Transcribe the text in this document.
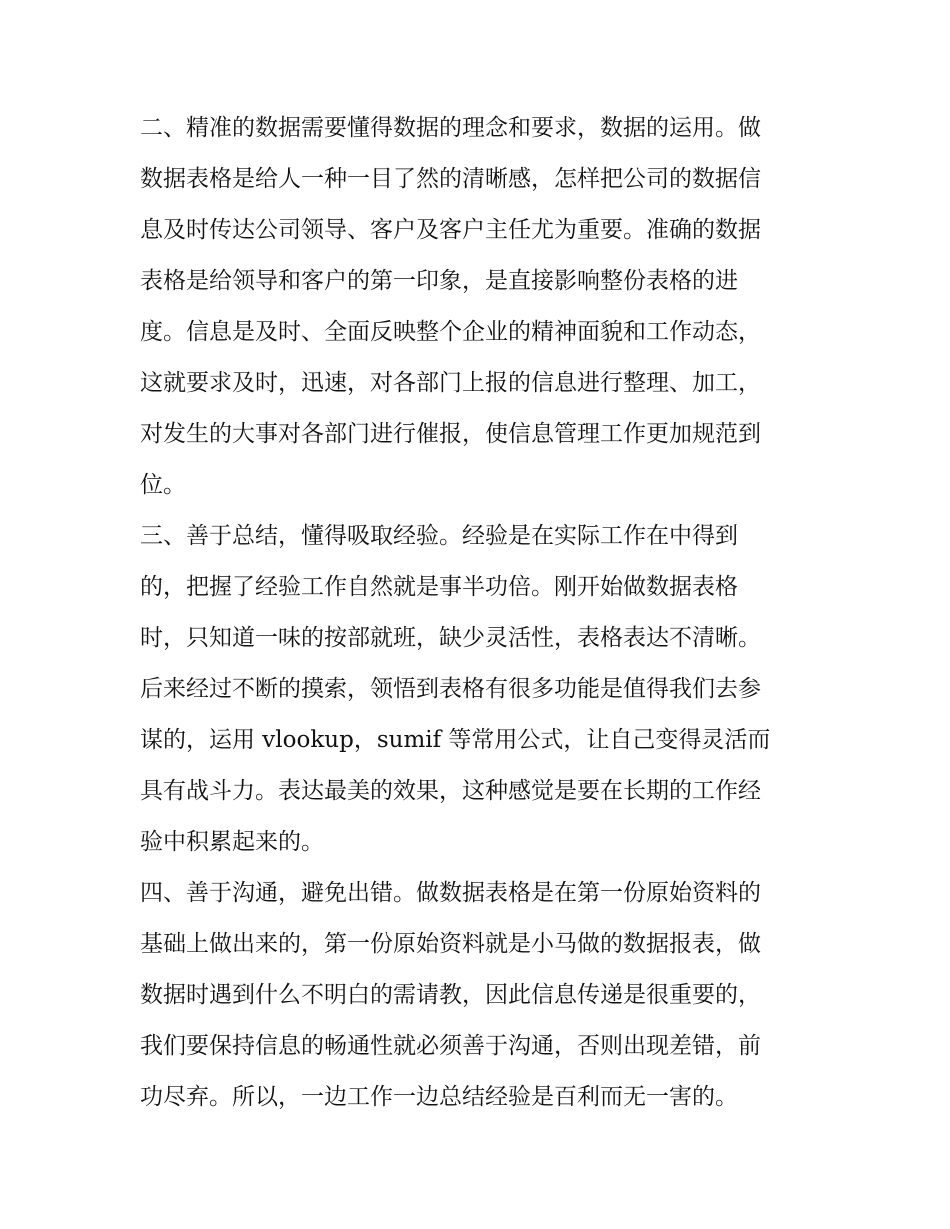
二、精准的数据需要懂得数据的理念和要求，数据的运用。做
数据表格是给人一种一目了然的清晰感，怎样把公司的数据信
息及时传达公司领导、客户及客户主任尤为重要。准确的数据
表格是给领导和客户的第一印象，是直接影响整份表格的进
度。信息是及时、全面反映整个企业的精神面貌和工作动态，
这就要求及时，迅速，对各部门上报的信息进行整理、加工，
对发生的大事对各部门进行催报，使信息管理工作更加规范到
位。
三、善于总结，懂得吸取经验。经验是在实际工作在中得到
的，把握了经验工作自然就是事半功倍。刚开始做数据表格
时，只知道一味的按部就班，缺少灵活性，表格表达不清晰。
后来经过不断的摸索，领悟到表格有很多功能是值得我们去参
谋的，运用 vlookup，sumif 等常用公式，让自己变得灵活而
具有战斗力。表达最美的效果，这种感觉是要在长期的工作经
验中积累起来的。
四、善于沟通，避免出错。做数据表格是在第一份原始资料的
基础上做出来的，第一份原始资料就是小马做的数据报表，做
数据时遇到什么不明白的需请教，因此信息传递是很重要的，
我们要保持信息的畅通性就必须善于沟通，否则出现差错，前
功尽弃。所以，一边工作一边总结经验是百利而无一害的。
